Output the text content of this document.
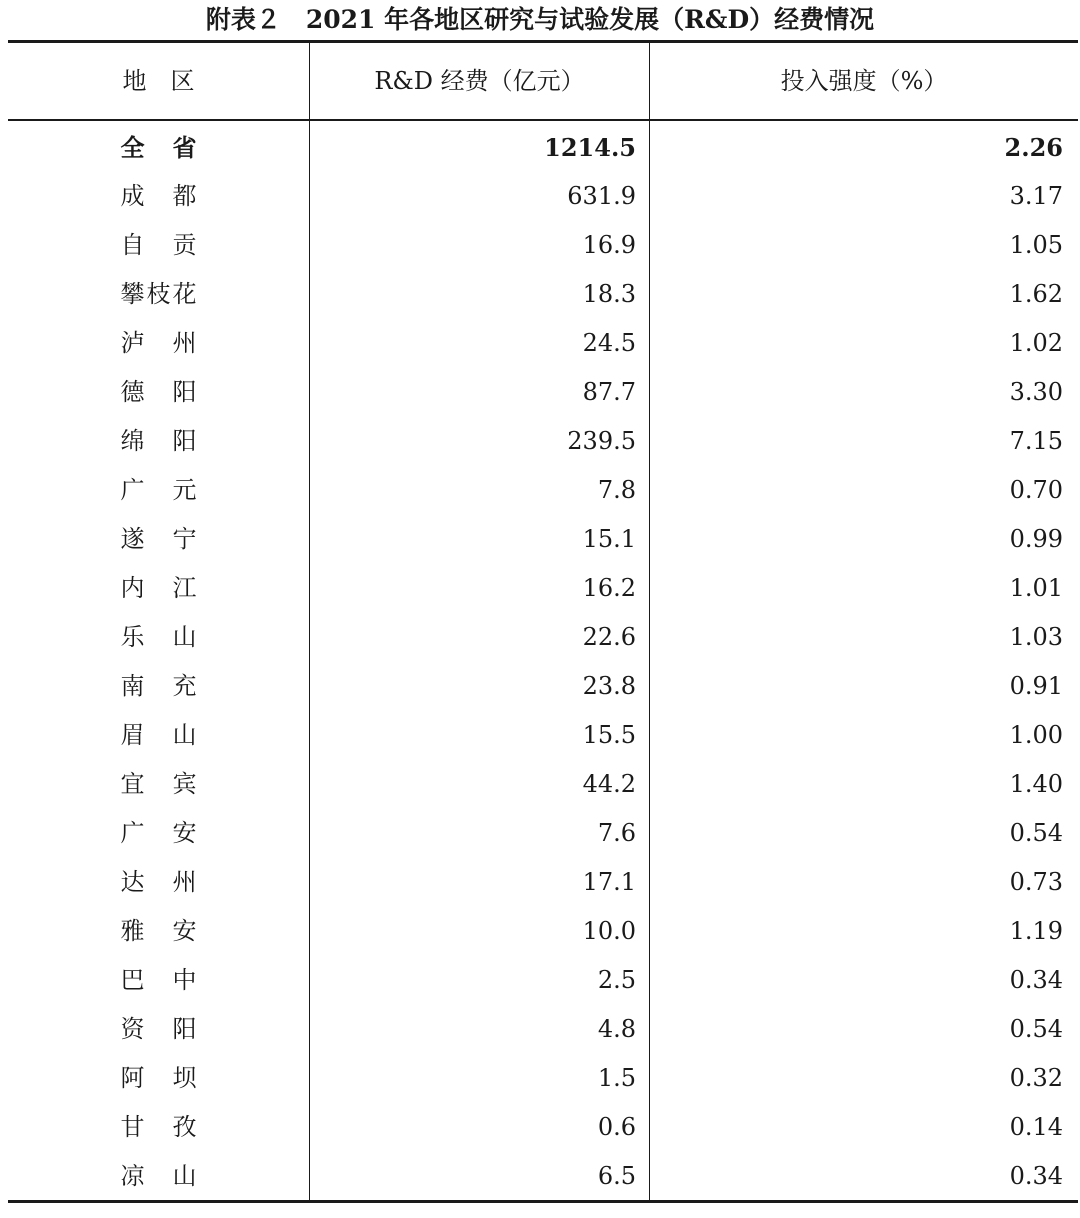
附表２　2021 年各地区研究与试验发展（R&D）经费情况
地　区	R&D 经费（亿元）	投入强度（%）
全省	1214.5	2.26
成都	631.9	3.17
自贡	16.9	1.05
攀枝花	18.3	1.62
泸州	24.5	1.02
德阳	87.7	3.30
绵阳	239.5	7.15
广元	7.8	0.70
遂宁	15.1	0.99
内江	16.2	1.01
乐山	22.6	1.03
南充	23.8	0.91
眉山	15.5	1.00
宜宾	44.2	1.40
广安	7.6	0.54
达州	17.1	0.73
雅安	10.0	1.19
巴中	2.5	0.34
资阳	4.8	0.54
阿坝	1.5	0.32
甘孜	0.6	0.14
凉山	6.5	0.34
